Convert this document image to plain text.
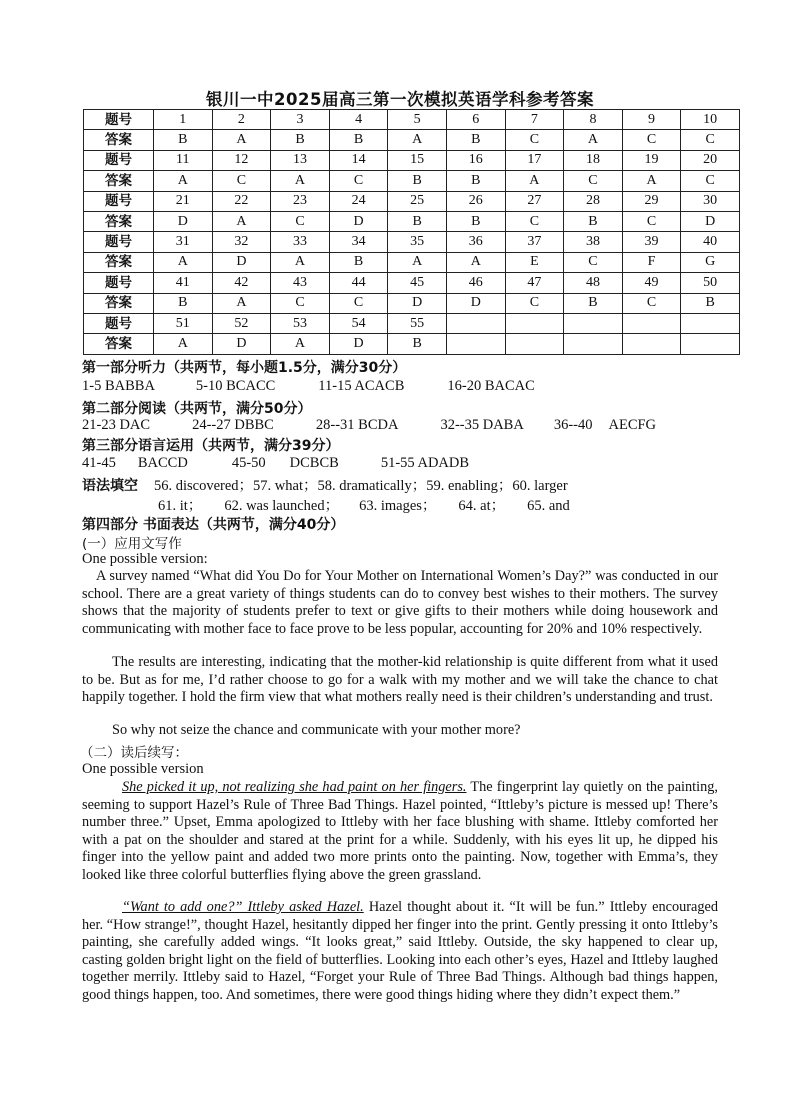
银川一中2025届高三第一次模拟英语学科参考答案
题号	1	2	3	4	5	6	7	8	9	10
答案	B	A	B	B	A	B	C	A	C	C
题号	11	12	13	14	15	16	17	18	19	20
答案	A	C	A	C	B	B	A	C	A	C
题号	21	22	23	24	25	26	27	28	29	30
答案	D	A	C	D	B	B	C	B	C	D
题号	31	32	33	34	35	36	37	38	39	40
答案	A	D	A	B	A	A	E	C	F	G
题号	41	42	43	44	45	46	47	48	49	50
答案	B	A	C	C	D	D	C	B	C	B
题号	51	52	53	54	55					
答案	A	D	A	D	B					
第一部分听力（共两节，每小题1.5分，满分30分）
1-5 BABBA	5-10 BCACC	11-15 ACACB	16-20 BACAC
第二部分阅读（共两节，满分50分）
21-23 DAC	24--27 DBBC	28--31 BCDA	32--35 DABA 36--40 AECFG
第三部分语言运用（共两节，满分39分）
41-45 BACCD	45-50 DCBCB	51-55 ADADB
语法填空 56. discovered；57. what；58. dramatically；59. enabling；60. larger
61. it； 62. was launched； 63. images； 64. at； 65. and
第四部分 书面表达（共两节，满分40分）
(一）应用文写作
One possible version:
A survey named “What did You Do for Your Mother on International Women’s Day?” was conducted in our school. There are a great variety of things students can do to convey best wishes to their mothers. The survey shows that the majority of students prefer to text or give gifts to their mothers while doing housework and communicating with mother face to face prove to be less popular, accounting for 20% and 10% respectively.
The results are interesting, indicating that the mother-kid relationship is quite different from what it used to be. But as for me, I’d rather choose to go for a walk with my mother and we will take the chance to chat happily together. I hold the firm view that what mothers really need is their children’s understanding and trust.
So why not seize the chance and communicate with your mother more?
（二）读后续写：
One possible version
She picked it up, not realizing she had paint on her fingers. The fingerprint lay quietly on the painting, seeming to support Hazel’s Rule of Three Bad Things. Hazel pointed, “Ittleby’s picture is messed up! There’s number three.” Upset, Emma apologized to Ittleby with her face blushing with shame. Ittleby comforted her with a pat on the shoulder and stared at the print for a while. Suddenly, with his eyes lit up, he dipped his finger into the yellow paint and added two more prints onto the painting. Now, together with Emma’s, they looked like three colorful butterflies flying above the green grassland.
“Want to add one?” Ittleby asked Hazel. Hazel thought about it. “It will be fun.” Ittleby encouraged her. “How strange!”, thought Hazel, hesitantly dipped her finger into the print. Gently pressing it onto Ittleby’s painting, she carefully added wings. “It looks great,” said Ittleby. Outside, the sky happened to clear up, casting golden bright light on the field of butterflies. Looking into each other’s eyes, Hazel and Ittleby laughed together merrily. Ittleby said to Hazel, “Forget your Rule of Three Bad Things. Although bad things happen, good things happen, too. And sometimes, there were good things hiding where they didn’t expect them.”
